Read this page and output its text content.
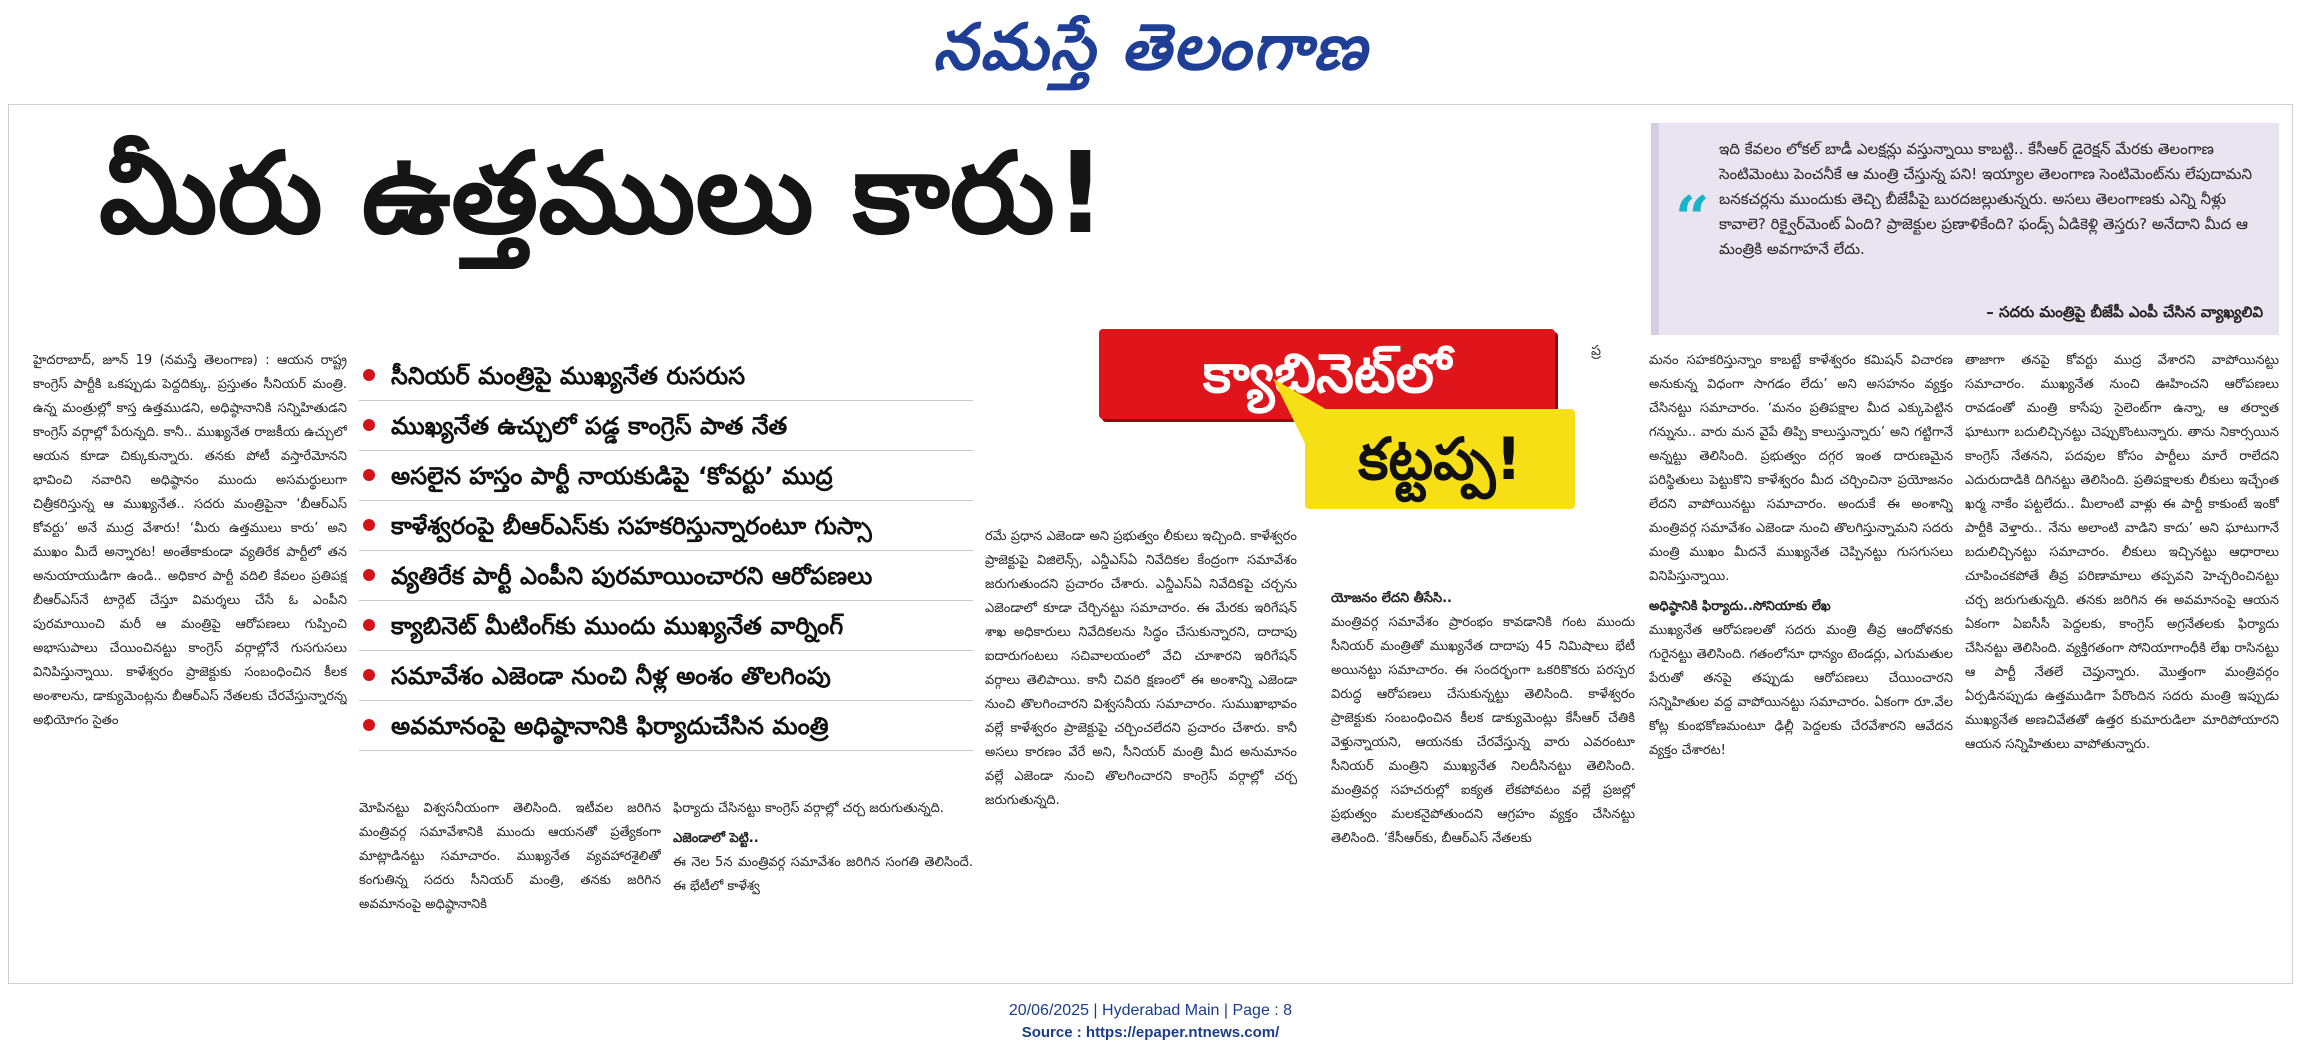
నమస్తే తెలంగాణ
మీరు ఉత్తములు కారు!	“
ఇది కేవలం లోకల్ బాడీ ఎలక్షన్లు వస్తున్నాయి కాబట్టి.. కేసీఆర్ డైరెక్షన్ మేరకు తెలంగాణ సెంటిమెంటు పెంచనీకే ఆ మంత్రి చేస్తున్న పని! ఇయ్యాల తెలంగాణ సెంటిమెంట్‌ను లేపుదామని బనకచర్లను ముందుకు తెచ్చి బీజేపీపై బురదజల్లుతున్నరు. అసలు తెలంగాణకు ఎన్ని నీళ్లు కావాలె? రిక్వైర్‌మెంట్ ఏంది? ప్రాజెక్టుల ప్రణాళికేంది? ఫండ్స్ ఏడికెళ్లి తెస్తరు? అనేదాని మీద ఆ మంత్రికి అవగాహనే లేదు.
– సదరు మంత్రిపై బీజేపీ ఎంపీ చేసిన వ్యాఖ్యలివి
సీనియర్ మంత్రిపై ముఖ్యనేత రుసరుస
ముఖ్యనేత ఉచ్చులో పడ్డ కాంగ్రెస్ పాత నేత
అసలైన హస్తం పార్టీ నాయకుడిపై ‘కోవర్టు’ ముద్ర
కాళేశ్వరంపై బీఆర్‌ఎస్‌కు సహకరిస్తున్నారంటూ గుస్సా
వ్యతిరేక పార్టీ ఎంపీని పురమాయించారని ఆరోపణలు
క్యాబినెట్ మీటింగ్‌కు ముందు ముఖ్యనేత వార్నింగ్
సమావేశం ఎజెండా నుంచి నీళ్ల అంశం తొలగింపు
అవమానంపై అధిష్ఠానానికి ఫిర్యాదుచేసిన మంత్రి
క్యాబినెట్‌లో
కట్టప్ప!
ప్ర

హైదరాబాద్, జూన్ 19 (నమస్తే తెలంగాణ) : ఆయన రాష్ట్ర కాంగ్రెస్ పార్టీకి ఒకప్పుడు పెద్దదిక్కు. ప్రస్తుతం సీనియర్ మంత్రి. ఉన్న మంత్రుల్లో కాస్త ఉత్తముడని, అధిష్ఠానానికి సన్నిహితుడని కాంగ్రెస్ వర్గాల్లో పేరున్నది. కానీ.. ముఖ్యనేత రాజకీయ ఉచ్చులో ఆయన కూడా చిక్కుకున్నారు. తనకు పోటీ వస్తారేమోనని భావించి నవారిని అధిష్ఠానం ముందు అసమర్థులుగా చిత్రీకరిస్తున్న ఆ ముఖ్యనేత.. సదరు మంత్రిపైనా ‘బీఆర్‌ఎస్ కోవర్టు’ అనే ముద్ర వేశారు! ‘మీరు ఉత్తములు కారు’ అని ముఖం మీదే అన్నారట! అంతేకాకుండా వ్యతిరేక పార్టీలో తన అనుయాయుడిగా ఉండి.. అధికార పార్టీ వదిలి కేవలం ప్రతిపక్ష బీఆర్‌ఎస్‌నే టార్గెట్ చేస్తూ విమర్శలు చేసే ఓ ఎంపీని పురమాయించి మరీ ఆ మంత్రిపై ఆరోపణలు గుప్పించి అభాసుపాలు చేయించినట్టు కాంగ్రెస్ వర్గాల్లోనే గుసగుసలు వినిపిస్తున్నాయి. కాళేశ్వరం ప్రాజెక్టుకు సంబంధించిన కీలక అంశాలను, డాక్యుమెంట్లను బీఆర్‌ఎస్ నేతలకు చేరవేస్తున్నారన్న అభియోగం సైతం

మోపినట్టు విశ్వసనీయంగా తెలిసింది. ఇటీవల జరిగిన మంత్రివర్గ సమావేశానికి ముందు ఆయనతో ప్రత్యేకంగా మాట్లాడినట్టు సమాచారం. ముఖ్యనేత వ్యవహారశైలితో కంగుతిన్న సదరు సీనియర్ మంత్రి, తనకు జరిగిన అవమానంపై అధిష్ఠానానికి

ఫిర్యాదు చేసినట్టు కాంగ్రెస్ వర్గాల్లో చర్చ జరుగుతున్నది.

ఎజెండాలో పెట్టి..

ఈ నెల 5న మంత్రివర్గ సమావేశం జరిగిన సంగతి తెలిసిందే. ఈ భేటీలో కాళేశ్వ

రమే ప్రధాన ఎజెండా అని ప్రభుత్వం లీకులు ఇచ్చింది. కాళేశ్వరం ప్రాజెక్టుపై విజిలెన్స్, ఎన్డీఎస్‌ఏ నివేదికల కేంద్రంగా సమావేశం జరుగుతుందని ప్రచారం చేశారు. ఎన్డీఎస్‌ఏ నివేదికపై చర్చను ఎజెండాలో కూడా చేర్చినట్టు సమాచారం. ఈ మేరకు ఇరిగేషన్ శాఖ అధికారులు నివేదికలను సిద్ధం చేసుకున్నారని, దాదాపు ఐదారుగంటలు సచివాలయంలో వేచి చూశారని ఇరిగేషన్ వర్గాలు తెలిపాయి. కానీ చివరి క్షణంలో ఈ అంశాన్ని ఎజెండా నుంచి తొలగించారని విశ్వసనీయ సమాచారం. సుముఖాభావం వల్లే కాళేశ్వరం ప్రాజెక్టుపై చర్చించలేదని ప్రచారం చేశారు. కానీ అసలు కారణం వేరే అని, సీనియర్ మంత్రి మీద అనుమానం వల్లే ఎజెండా నుంచి తొలగించారని కాంగ్రెస్ వర్గాల్లో చర్చ జరుగుతున్నది.

యోజనం లేదని తీసేసి..

మంత్రివర్గ సమావేశం ప్రారంభం కావడానికి గంట ముందు సీనియర్ మంత్రితో ముఖ్యనేత దాదాపు 45 నిమిషాలు భేటీ అయినట్టు సమాచారం. ఈ సందర్భంగా ఒకరికొకరు పరస్పర విరుద్ధ ఆరోపణలు చేసుకున్నట్టు తెలిసింది. కాళేశ్వరం ప్రాజెక్టుకు సంబంధించిన కీలక డాక్యుమెంట్లు కేసీఆర్ చేతికి వెళ్తున్నాయని, ఆయనకు చేరవేస్తున్న వారు ఎవరంటూ సీనియర్ మంత్రిని ముఖ్యనేత నిలదీసినట్టు తెలిసింది. మంత్రివర్గ సహచరుల్లో ఐక్యత లేకపోవటం వల్లే ప్రజల్లో ప్రభుత్వం మలకనైపోతుందని ఆగ్రహం వ్యక్తం చేసినట్టు తెలిసింది. ‘కేసీఆర్‌కు, బీఆర్‌ఎస్ నేతలకు

మనం సహకరిస్తున్నాం కాబట్టే కాళేశ్వరం కమిషన్ విచారణ అనుకున్న విధంగా సాగడం లేదు’ అని అసహనం వ్యక్తం చేసినట్టు సమాచారం. ‘మనం ప్రతిపక్షాల మీద ఎక్కుపెట్టిన గన్నును.. వారు మన వైపే తిప్పి కాలుస్తున్నారు’ అని గట్టిగానే అన్నట్టు తెలిసింది. ప్రభుత్వం దగ్గర ఇంత దారుణమైన పరిస్థితులు పెట్టుకొని కాళేశ్వరం మీద చర్చించినా ప్రయోజనం లేదని వాపోయినట్టు సమాచారం. అందుకే ఈ అంశాన్ని మంత్రివర్గ సమావేశం ఎజెండా నుంచి తొలగిస్తున్నామని సదరు మంత్రి ముఖం మీదనే ముఖ్యనేత చెప్పినట్టు గుసగుసలు వినిపిస్తున్నాయి.

అధిష్ఠానికి ఫిర్యాదు..సోనియాకు లేఖ

ముఖ్యనేత ఆరోపణలతో సదరు మంత్రి తీవ్ర ఆందోళనకు గురైనట్టు తెలిసింది. గతంలోనూ ధాన్యం టెండర్లు, ఎగుమతుల పేరుతో తనపై తప్పుడు ఆరోపణలు చేయించారని సన్నిహితుల వద్ద వాపోయినట్టు సమాచారం. ఏకంగా రూ.వేల కోట్ల కుంభకోణమంటూ ఢిల్లీ పెద్దలకు చేరవేశారని ఆవేదన వ్యక్తం చేశారట!

తాజాగా తనపై కోవర్టు ముద్ర వేశారని వాపోయినట్టు సమాచారం. ముఖ్యనేత నుంచి ఊహించని ఆరోపణలు రావడంతో మంత్రి కాసేపు సైలెంట్‌గా ఉన్నా, ఆ తర్వాత ఘాటుగా బదులిచ్చినట్టు చెప్పుకొంటున్నారు. తాను నికార్సయిన కాంగ్రెస్ నేతనని, పదవుల కోసం పార్టీలు మారే రాలేదని ఎదురుదాడికి దిగినట్టు తెలిసింది. ప్రతిపక్షాలకు లీకులు ఇచ్చేంత ఖర్మ నాకేం పట్టలేదు.. మీలాంటి వాళ్లు ఈ పార్టీ కాకుంటే ఇంకో పార్టీకి వెళ్తారు.. నేను అలాంటి వాడిని కాదు’ అని ఘాటుగానే బదులిచ్చినట్టు సమాచారం. లీకులు ఇచ్చినట్టు ఆధారాలు చూపించకపోతే తీవ్ర పరిణామాలు తప్పవని హెచ్చరించినట్టు చర్చ జరుగుతున్నది. తనకు జరిగిన ఈ అవమానంపై ఆయన ఏకంగా ఏఐసీసీ పెద్దలకు, కాంగ్రెస్ అగ్రనేతలకు ఫిర్యాదు చేసినట్టు తెలిసింది. వ్యక్తిగతంగా సోనియాగాంధీకి లేఖ రాసినట్టు ఆ పార్టీ నేతలే చెప్తున్నారు. మొత్తంగా మంత్రివర్గం ఏర్పడినప్పుడు ఉత్తముడిగా పేరొందిన సదరు మంత్రి ఇప్పుడు ముఖ్యనేత అణచివేతతో ఉత్తర కుమారుడిలా మారిపోయారని ఆయన సన్నిహితులు వాపోతున్నారు.

20/06/2025 | Hyderabad Main | Page : 8
Source : https://epaper.ntnews.com/
